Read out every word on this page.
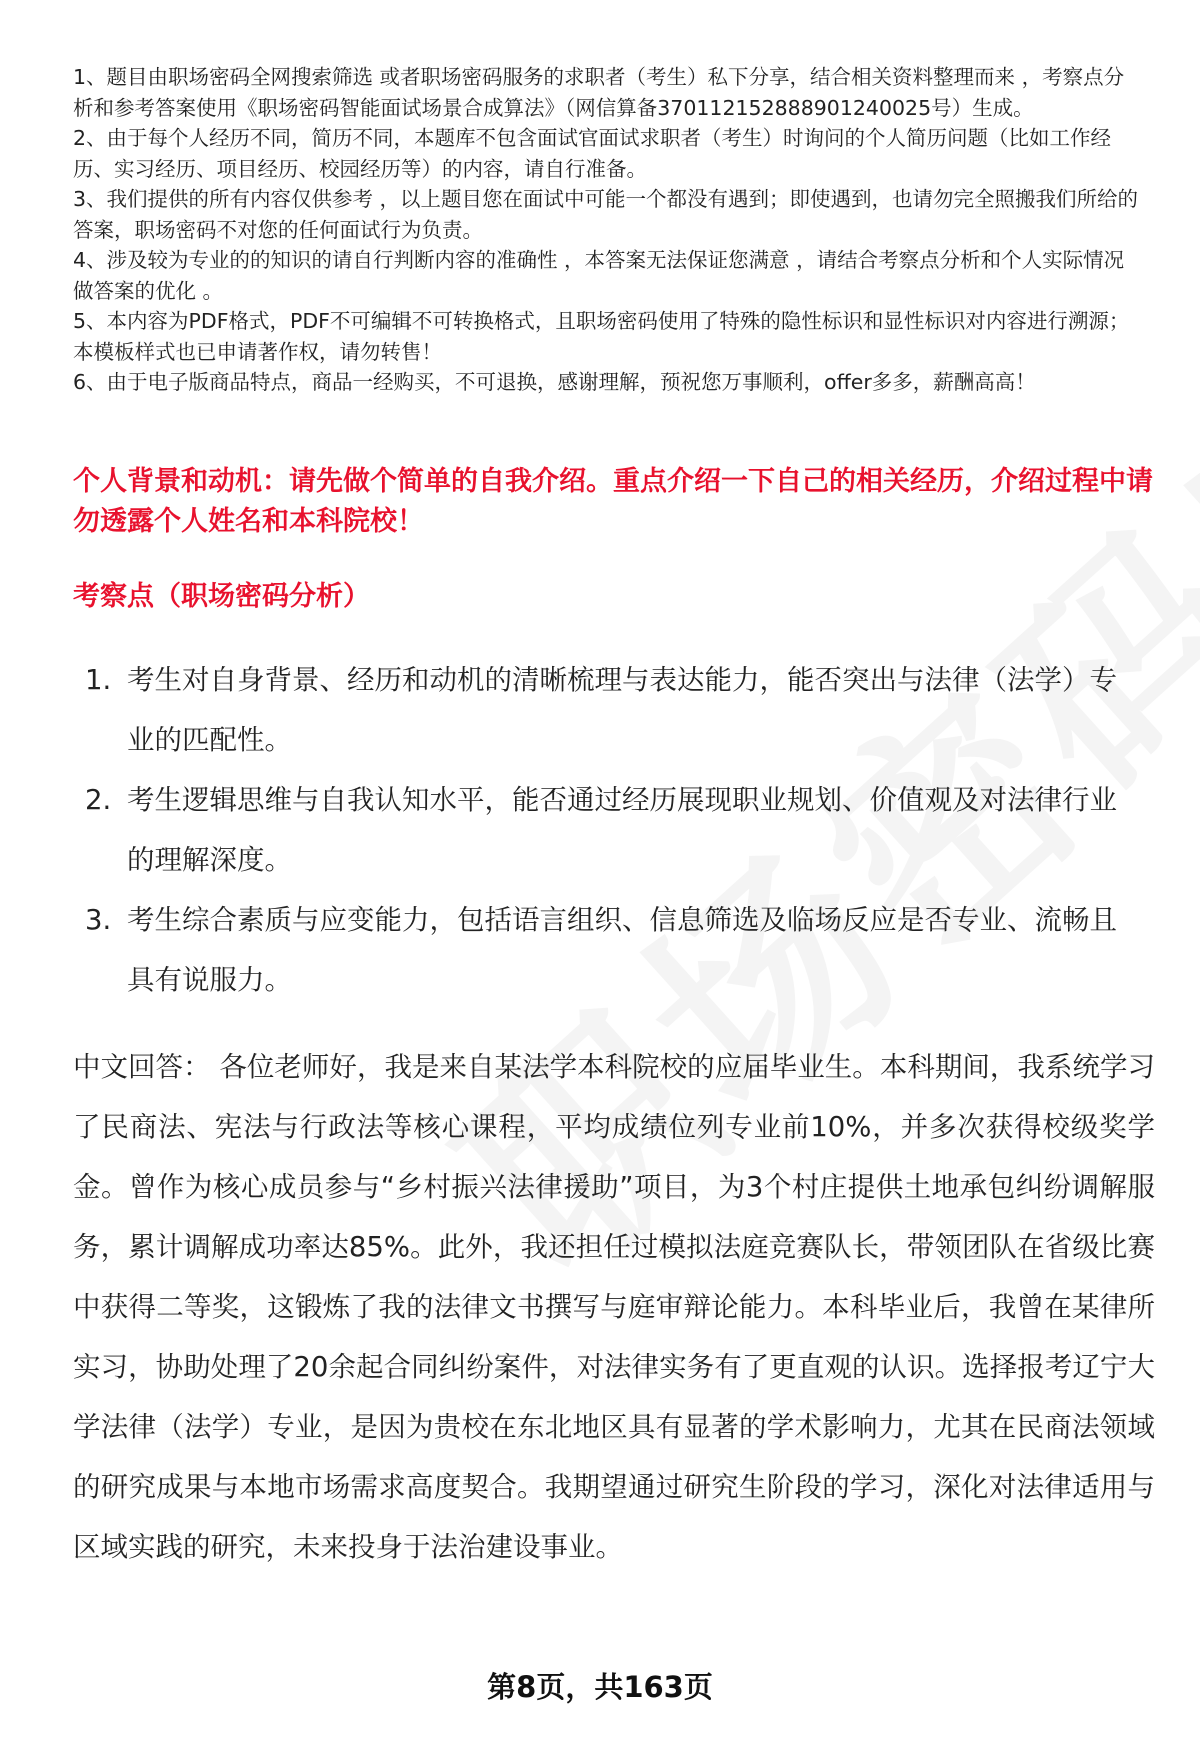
1、题目由职场密码全网搜索筛选 或者职场密码服务的求职者（考生）私下分享，结合相关资料整理而来 ，考察点分析和参考答案使用《职场密码智能面试场景合成算法》（网信算备370112152888901240025号）生成。
2、由于每个人经历不同，简历不同，本题库不包含面试官面试求职者（考生）时询问的个人简历问题（比如工作经历、实习经历、项目经历、校园经历等）的内容，请自行准备。
3、我们提供的所有内容仅供参考 ，以上题目您在面试中可能一个都没有遇到；即使遇到，也请勿完全照搬我们所给的答案，职场密码不对您的任何面试行为负责。
4、涉及较为专业的的知识的请自行判断内容的准确性 ，本答案无法保证您满意 ，请结合考察点分析和个人实际情况做答案的优化 。
5、本内容为PDF格式，PDF不可编辑不可转换格式，且职场密码使用了特殊的隐性标识和显性标识对内容进行溯源；本模板样式也已申请著作权，请勿转售！
6、由于电子版商品特点，商品一经购买，不可退换，感谢理解，预祝您万事顺利，offer多多，薪酬高高！

个人背景和动机：请先做个简单的自我介绍。重点介绍一下自己的相关经历，介绍过程中请勿透露个人姓名和本科院校！

考察点（职场密码分析）

1. 考生对自身背景、经历和动机的清晰梳理与表达能力，能否突出与法律（法学）专业的匹配性。
2. 考生逻辑思维与自我认知水平，能否通过经历展现职业规划、价值观及对法律行业的理解深度。
3. 考生综合素质与应变能力，包括语言组织、信息筛选及临场反应是否专业、流畅且具有说服力。

中文回答： 各位老师好，我是来自某法学本科院校的应届毕业生。本科期间，我系统学习了民商法、宪法与行政法等核心课程，平均成绩位列专业前10%，并多次获得校级奖学金。曾作为核心成员参与“乡村振兴法律援助”项目，为3个村庄提供土地承包纠纷调解服务，累计调解成功率达85%。此外，我还担任过模拟法庭竞赛队长，带领团队在省级比赛中获得二等奖，这锻炼了我的法律文书撰写与庭审辩论能力。本科毕业后，我曾在某律所实习，协助处理了20余起合同纠纷案件，对法律实务有了更直观的认识。选择报考辽宁大学法律（法学）专业，是因为贵校在东北地区具有显著的学术影响力，尤其在民商法领域的研究成果与本地市场需求高度契合。我期望通过研究生阶段的学习，深化对法律适用与区域实践的研究，未来投身于法治建设事业。

第8页，共163页
